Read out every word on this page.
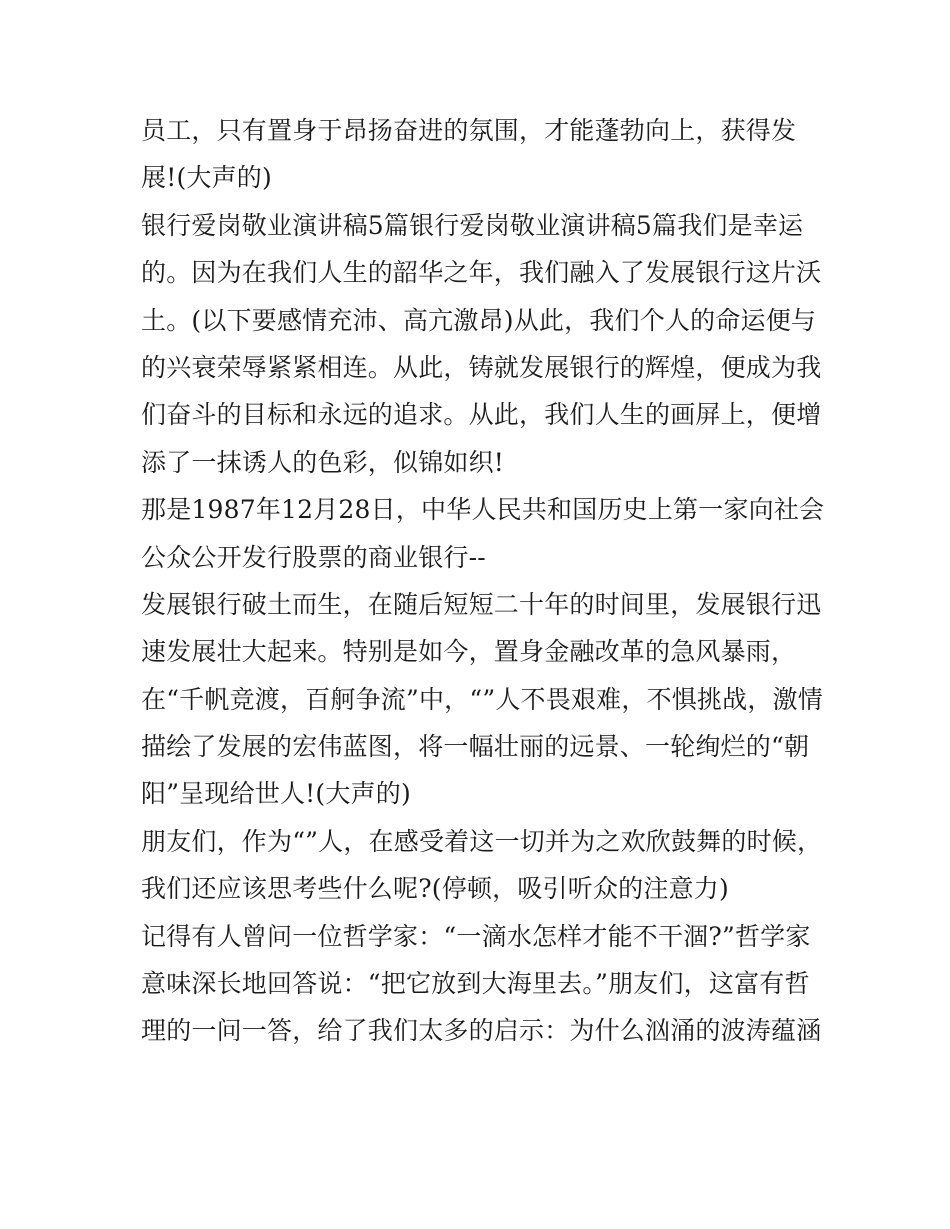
员工，只有置身于昂扬奋进的氛围，才能蓬勃向上，获得发
展!(大声的)
银行爱岗敬业演讲稿5篇银行爱岗敬业演讲稿5篇我们是幸运
的。因为在我们人生的韶华之年，我们融入了发展银行这片沃
土。(以下要感情充沛、高亢激昂)从此，我们个人的命运便与
的兴衰荣辱紧紧相连。从此，铸就发展银行的辉煌，便成为我
们奋斗的目标和永远的追求。从此，我们人生的画屏上，便增
添了一抹诱人的色彩，似锦如织!
那是1987年12月28日，中华人民共和国历史上第一家向社会
公众公开发行股票的商业银行--
发展银行破土而生，在随后短短二十年的时间里，发展银行迅
速发展壮大起来。特别是如今，置身金融改革的急风暴雨，
在“千帆竞渡，百舸争流”中，“”人不畏艰难，不惧挑战，激情
描绘了发展的宏伟蓝图，将一幅壮丽的远景、一轮绚烂的“朝
阳”呈现给世人!(大声的)
朋友们，作为“”人，在感受着这一切并为之欢欣鼓舞的时候，
我们还应该思考些什么呢?(停顿，吸引听众的注意力)
记得有人曾问一位哲学家：“一滴水怎样才能不干涸?”哲学家
意味深长地回答说：“把它放到大海里去。”朋友们，这富有哲
理的一问一答，给了我们太多的启示：为什么汹涌的波涛蕴涵
